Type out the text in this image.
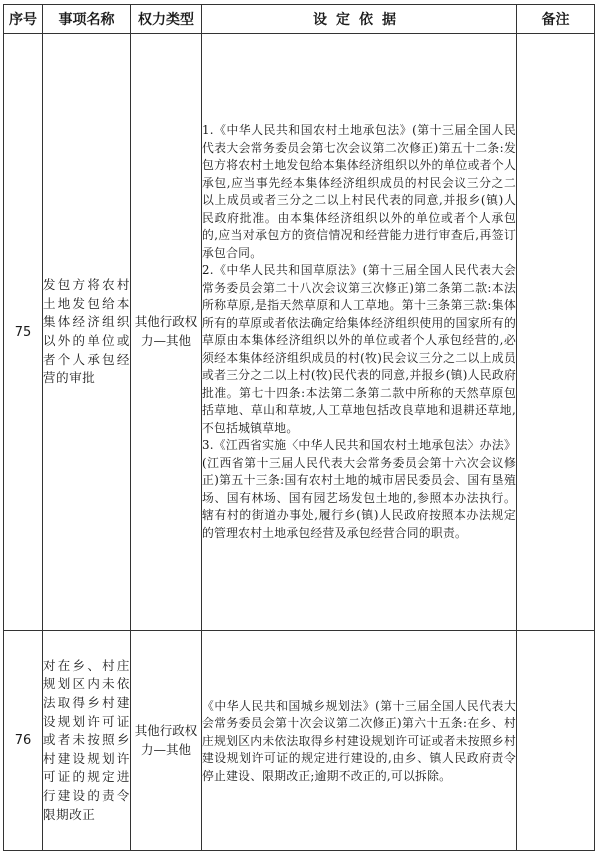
序号	事项名称	权力类型	设定依据	备注
75	发包方将农村土地发包给本集体经济组织以外的单位或者个人承包经营的审批	其他行政权力—其他	1.《中华人民共和国农村土地承包法》(第十三届全国人民代表大会常务委员会第七次会议第二次修正)第五十二条:发包方将农村土地发包给本集体经济组织以外的单位或者个人承包,应当事先经本集体经济组织成员的村民会议三分之二以上成员或者三分之二以上村民代表的同意,并报乡(镇)人民政府批准。由本集体经济组织以外的单位或者个人承包的,应当对承包方的资信情况和经营能力进行审查后,再签订承包合同。

2.《中华人民共和国草原法》(第十三届全国人民代表大会常务委员会第二十八次会议第三次修正)第二条第二款:本法所称草原,是指天然草原和人工草地。第十三条第三款:集体所有的草原或者依法确定给集体经济组织使用的国家所有的草原由本集体经济组织以外的单位或者个人承包经营的,必须经本集体经济组织成员的村(牧)民会议三分之二以上成员或者三分之二以上村(牧)民代表的同意,并报乡(镇)人民政府批准。第七十四条:本法第二条第二款中所称的天然草原包括草地、草山和草坡,人工草地包括改良草地和退耕还草地,不包括城镇草地。

3.《江西省实施〈中华人民共和国农村土地承包法〉办法》(江西省第十三届人民代表大会常务委员会第十六次会议修正)第五十三条:国有农村土地的城市居民委员会、国有垦殖场、国有林场、国有园艺场发包土地的,参照本办法执行。辖有村的街道办事处,履行乡(镇)人民政府按照本办法规定的管理农村土地承包经营及承包经营合同的职责。	

76	对在乡、村庄规划区内未依法取得乡村建设规划许可证或者未按照乡村建设规划许可证的规定进行建设的责令限期改正	其他行政权力—其他	《中华人民共和国城乡规划法》(第十三届全国人民代表大会常务委员会第十次会议第二次修正)第六十五条:在乡、村庄规划区内未依法取得乡村建设规划许可证或者未按照乡村建设规划许可证的规定进行建设的,由乡、镇人民政府责令停止建设、限期改正;逾期不改正的,可以拆除。	
